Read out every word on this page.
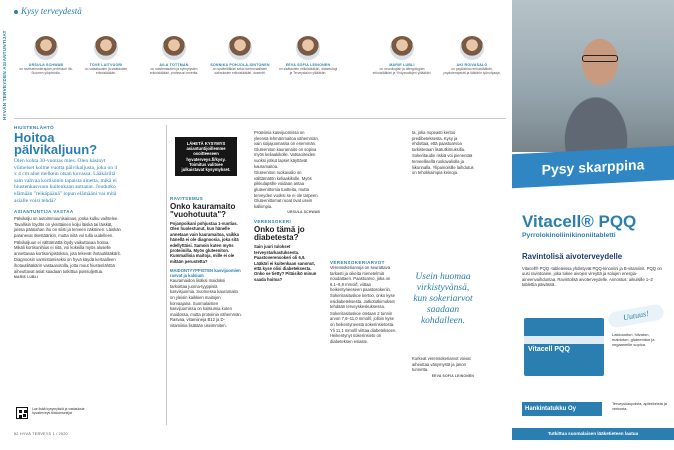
Kysy terveydestä
HYVÄN TERVEYDEN ASIANTUNTIJAT	URSULA SCHWAB
on ravitsemusterapian professori Itä-Suomen yliopistolla.
TOVE LAITVUORI
on vatsatautien ja sisätautien erikoislääkäri.
AILA TOTTMAN
on naistentautien ja synnytysten erikoislääkäri, professori emerita.
SONNIKA POHJOLA-SINTONEN
on sydänlääkäri sekä hormonaalisten sairauksien erikoislääkäri, dosentti.
EEVA SOFIA LEINONEN
on sisätautien erikoislääkäri, diabetologi ja Terveystalon ylilääkäri.
MARIE LUBLI
on neurologian ja allergologian erikoislääkäri ja Yhdysvaltojen ylilääkäri.
AKI ROIVASALO
on psykiatrian erikoislääkäri, psykoterapeutti ja lääkärin työnohjaaja.
HIUSTENLÄHTÖ
Hoitoa pälvikaljuun?
Olen kohta 30-vuotias mies. Olen käsinyt viimeiset kolme vuotta pälvikaljusta, joka on 4 x 4 cm alue melkein otsan kuvassa. Lääkäriltä sain vahvaa kortisonin tapaista ainetta, mikä ei hiustenkasvuun kuitenkaan auttanut. Joudutko elämään "reikäpäänä" lopun elämääni vai mitä asialle voisi tehdä?
ASIANTUNTIJA VASTAA

Pälvikalju on autoimmuunisairaus, jonka kulku vaihtelee. Tavallisin löydös on yksittäinen kolju läiskä tai läiskät, joissa päänahan iho on siisti ja terveen näköinen. Läiskän paranevat itsestäänkin, mutta niitä voi tulla uudelleen.

Pälvikaljuun ei välttämättä löydy vaikuttavaa hoitoa. Mikäli kortisonihius ei riitä, voi kokeilla myös aluselle annettavaa kortisonipistoksia, jota tekevät ihotautilääkärit.

Diagnoosin varmistamiseksi on hyvä käydä kertaalleen ihotautilääkärin vastaanotolla, jotta muut hiustenlähtöä aiheuttavat asiat saadaan tutkittua poissuljettua.

MARIE LUBLI
LÄHETÄ KYSYMYS asiantuntijoillemme osoitteeseen hyvaterveys.fi/kysy. Toimitus valitsee julkaistavat kysymykset.
RAVITSEMUS
Onko kauramaito "vuohotuuta"?
Pojanpoikani pohjustaa 1-vuotias. Olen huolestunut, kun hänelle annetaan vain kauramaitoa, vaikka hänellä ei ole diagnoosia, joka sitä edellyttäisi. Samoin kuten myös proteiinilla. Myös gluteeniton. Kummallisia maitoja, mille ei ole mitään perustetta?
MAIDONTYYPPISTEN kasvijuomien rasvat ja kalsium
Kauramaidon lisäksi maidoksi tarkoittaa juoma-tyyppisiä kasvisjuomia. Suomessa kauramaito on yleisin kaikkien maitojen korvaajana. Suomalaisten kasvijuomissa on kalsiumia kuten maidossa, mutta proteiinia vähemmän. Rasvaa, vitamiineja B12 ja D-vitamiinia lisätään useimmiten.

Proteiinia kasvijuomissa on yleensä lehmänmaitoa vähemmän, vain soijajuomassa on enemmän. Gluteeniton kauramaito on sopiva myös keliaakikolle. Vatsaoireiden vuoksi jotkut lapset käyttävät kauramaitoa.

Gluteeniton ruokavalio on välttämätön keliaakikolle. Myös pikkulapsille voidaan antaa gluteenittomia tuotteita, mutta terveyden vuoksi se ei ole tarpeen. Gluteenittomat ruoat ovat usein kalliimpia.

URSULA SCHWAB
VERENSOKERI
Onko tämä jo diabetesta?
Sain juuri tulokset terveystarkastuksesta. Paastoverensokeri oli 6,9. Lääkäri ei kuitenkaan sanonut, että kyse olisi diabeteksesta. Onko se tietty? Pitäisikö minun saada hoitoa?
VERENSOKERIARVOT

Verensokeriarvoja on seurattava tarkasti ja oikeita menetelmiä noudattaen. Paastoarvo, joka on 6,1–6,9 mmol/l, viittaa heikentyneeseen paastosokeriin. Sokerirasituskoe kertoo, onko kyse esidiabeteksesta. Jatkotutkimukset tehdään terveyskeskuksessa.

Sokerirasituskoe otetaan 2 tunnin arvon 7,8–11,0 mmol/l, jolloin kyse on heikentyneestä sokerinsietosta. Yli 11,1 mmol/l viittaa diabetekseen. Heikentynyt sokerinsieto on diabeteksen esiaste.

ta, joka nopeasti kertoo predibeteksesta. Kysy ja ehdottaa, että paastoarvoa tarkistetaan lisätutkimuksilla.

Sokeritaudin riskiä voi pienentää terveellisellä ruokavaliolla ja liikunnalla. Ylipainoisille laihdutus on tehokkaimpia keinoja.

Usein huomaa virkistyvänsä, kun sokeriarvot saadaan kohdalleen.
Korkeat verensokeriarvot voivat aiheuttaa väsymystä ja janon tunnetta.
EEVA SOFIA LEINONEN
Lue lisää kysymyksiä ja vastauksia hyvaterveys.fi/asiantuntijat
62 HYVÄ TERVEYS 1 / 2020
Pysy skarppina
Vitacell® PQQ
Pyrrolokinoliinikinoniitabletti
Ravintolisä aivoterveydelle
Vitacell® PQQ -tableteissa yhdistyvät PQQ-kinoniini ja B-vitamiinit. PQQ on uusi ravintoaine, joka tukee aivojen vireyttä ja solujen energia-aineenvaihduntaa. Ravintolisä aivoterveydelle. Annostus: aikuisille 1–2 tablettia päivässä.
Vitacell PQQ
Uutuus!
Laktoositon, hiivaton, maidoton, gluteeniton ja vegaaneille sopiva.
Hankintatukku Oy
Terveyskaupoista, apteekeista ja verkosta.
Tutkittua suomalaisen lääketieteen laatua
